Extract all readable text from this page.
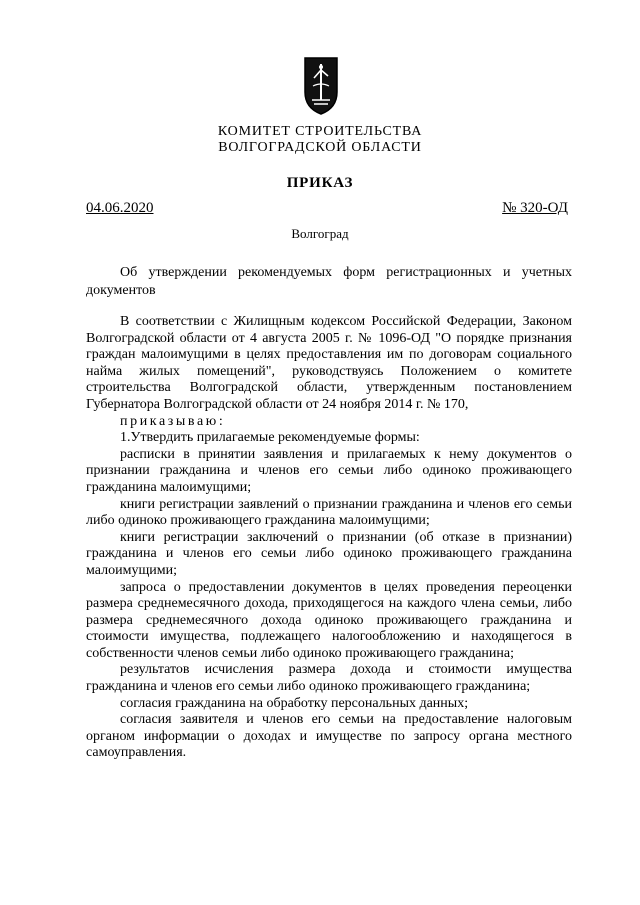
КОМИТЕТ СТРОИТЕЛЬСТВА
ВОЛГОГРАДСКОЙ ОБЛАСТИ
ПРИКАЗ
04.06.2020	№ 320-ОД
Волгоград
Об утверждении рекомендуемых форм регистрационных и учетных документов

В соответствии с Жилищным кодексом Российской Федерации, Законом Волгоградской области от 4 августа 2005 г. № 1096-ОД "О порядке признания граждан малоимущими в целях предоставления им по договорам социального найма жилых помещений", руководствуясь Положением о комитете строительства Волгоградской области, утвержденным постановлением Губернатора Волгоградской области от 24 ноября 2014 г. № 170,

приказываю:

1.Утвердить прилагаемые рекомендуемые формы:

расписки в принятии заявления и прилагаемых к нему документов о признании гражданина и членов его семьи либо одиноко проживающего гражданина малоимущими;

книги регистрации заявлений о признании гражданина и членов его семьи либо одиноко проживающего гражданина малоимущими;

книги регистрации заключений о признании (об отказе в признании) гражданина и членов его семьи либо одиноко проживающего гражданина малоимущими;

запроса о предоставлении документов в целях проведения переоценки размера среднемесячного дохода, приходящегося на каждого члена семьи, либо размера среднемесячного дохода одиноко проживающего гражданина и стоимости имущества, подлежащего налогообложению и находящегося в собственности членов семьи либо одиноко проживающего гражданина;

результатов исчисления размера дохода и стоимости имущества гражданина и членов его семьи либо одиноко проживающего гражданина;

согласия гражданина на обработку персональных данных;

согласия заявителя и членов его семьи на предоставление налоговым органом информации о доходах и имуществе по запросу органа местного самоуправления.
